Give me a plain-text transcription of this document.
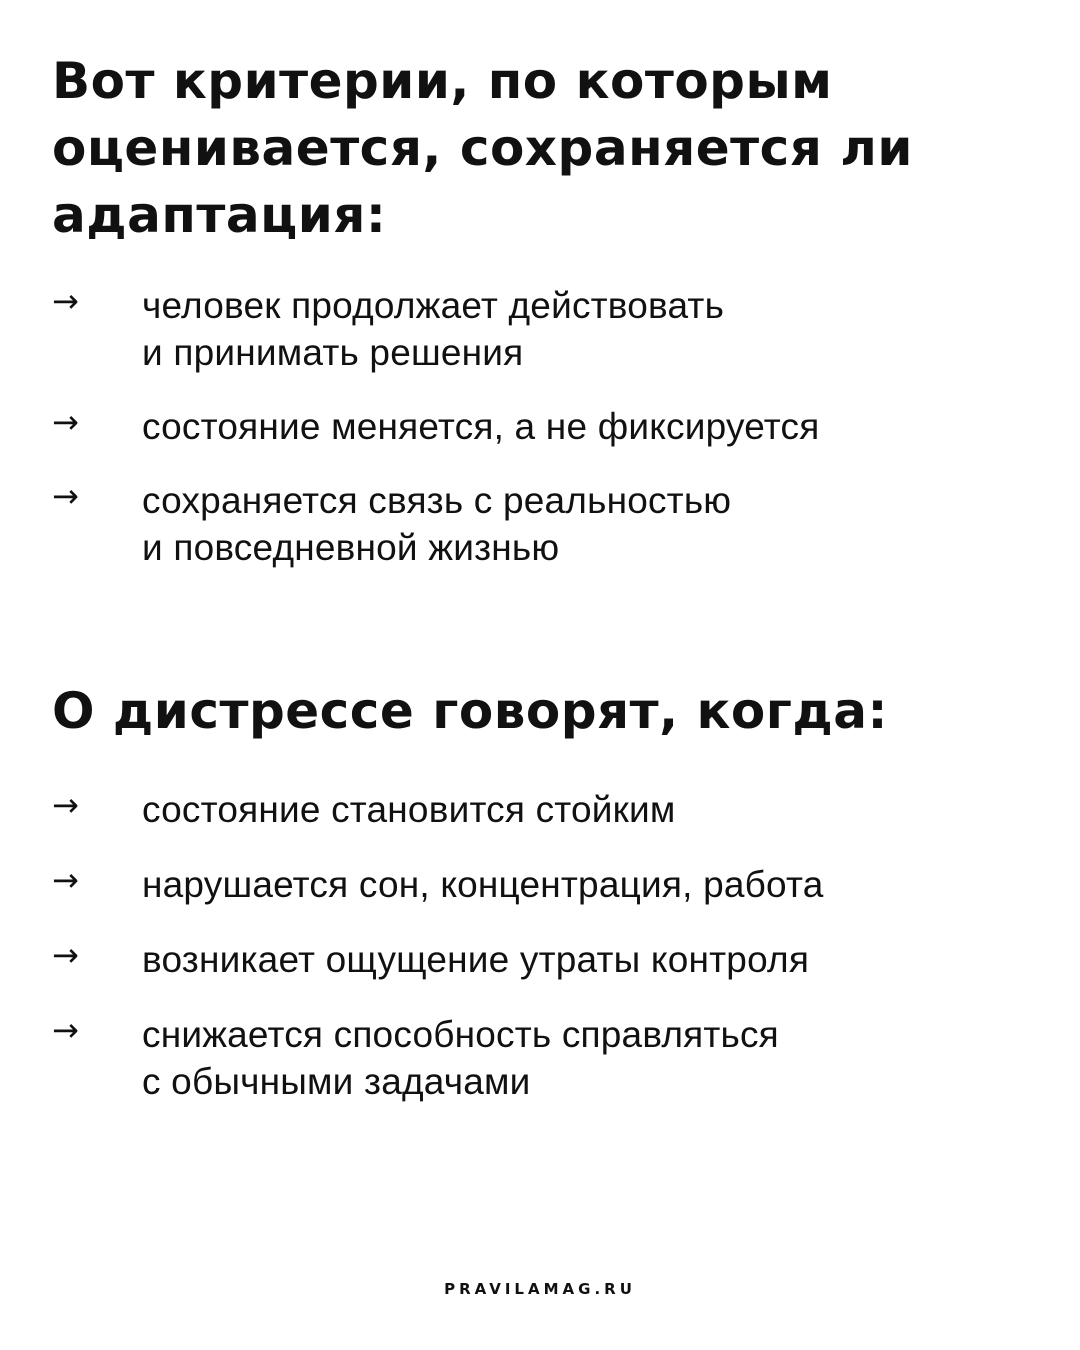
Вот критерии, по которым
оценивается, сохраняется ли
адаптация:
→ человек продолжает действовать
и принимать решения
→ состояние меняется, а не фиксируется
→ сохраняется связь с реальностью
и повседневной жизнью
О дистрессе говорят, когда:
→ состояние становится стойким
→ нарушается сон, концентрация, работа
→ возникает ощущение утраты контроля
→ снижается способность справляться
с обычными задачами
PRAVILAMAG.RU
